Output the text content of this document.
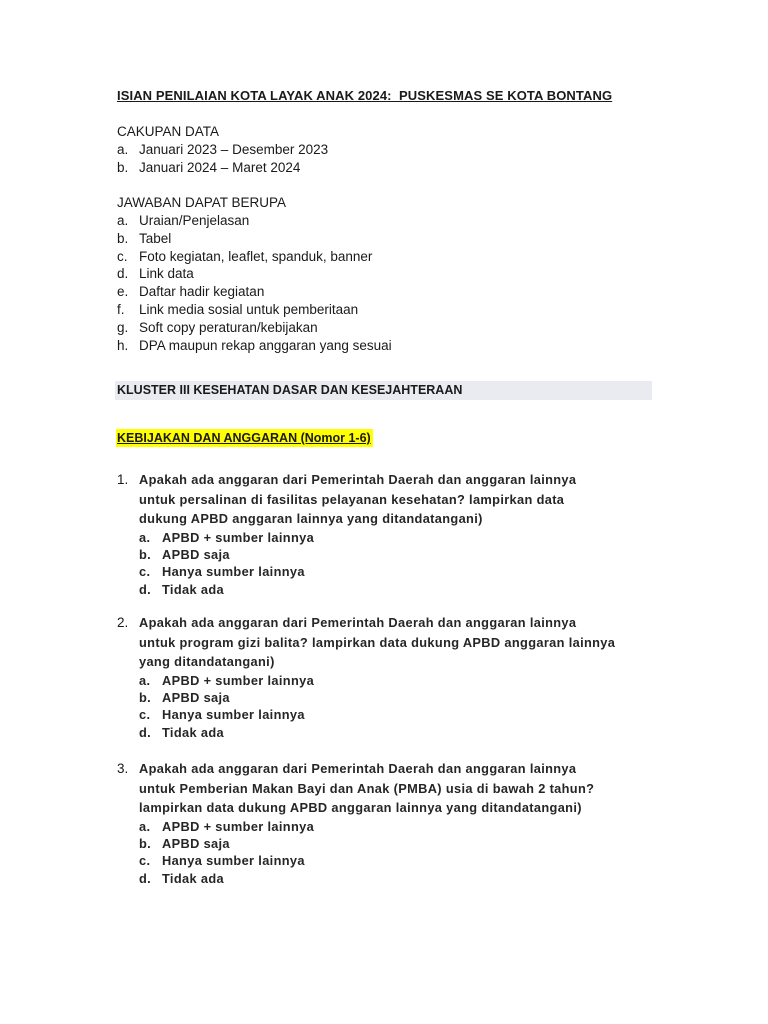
ISIAN PENILAIAN KOTA LAYAK ANAK 2024:  PUSKESMAS SE KOTA BONTANG
CAKUPAN DATA
a. Januari 2023 – Desember 2023
b. Januari 2024 – Maret 2024
JAWABAN DAPAT BERUPA
a. Uraian/Penjelasan
b. Tabel
c. Foto kegiatan, leaflet, spanduk, banner
d. Link data
e. Daftar hadir kegiatan
f. Link media sosial untuk pemberitaan
g. Soft copy peraturan/kebijakan
h. DPA maupun rekap anggaran yang sesuai
KLUSTER III KESEHATAN DASAR DAN KESEJAHTERAAN
KEBIJAKAN DAN ANGGARAN (Nomor 1-6)
1. Apakah ada anggaran dari Pemerintah Daerah dan anggaran lainnya
untuk persalinan di fasilitas pelayanan kesehatan? lampirkan data
dukung APBD anggaran lainnya yang ditandatangani)
a. APBD + sumber lainnya
b. APBD saja
c. Hanya sumber lainnya
d. Tidak ada
2. Apakah ada anggaran dari Pemerintah Daerah dan anggaran lainnya
untuk program gizi balita? lampirkan data dukung APBD anggaran lainnya
yang ditandatangani)
a. APBD + sumber lainnya
b. APBD saja
c. Hanya sumber lainnya
d. Tidak ada
3. Apakah ada anggaran dari Pemerintah Daerah dan anggaran lainnya
untuk Pemberian Makan Bayi dan Anak (PMBA) usia di bawah 2 tahun?
lampirkan data dukung APBD anggaran lainnya yang ditandatangani)
a. APBD + sumber lainnya
b. APBD saja
c. Hanya sumber lainnya
d. Tidak ada
